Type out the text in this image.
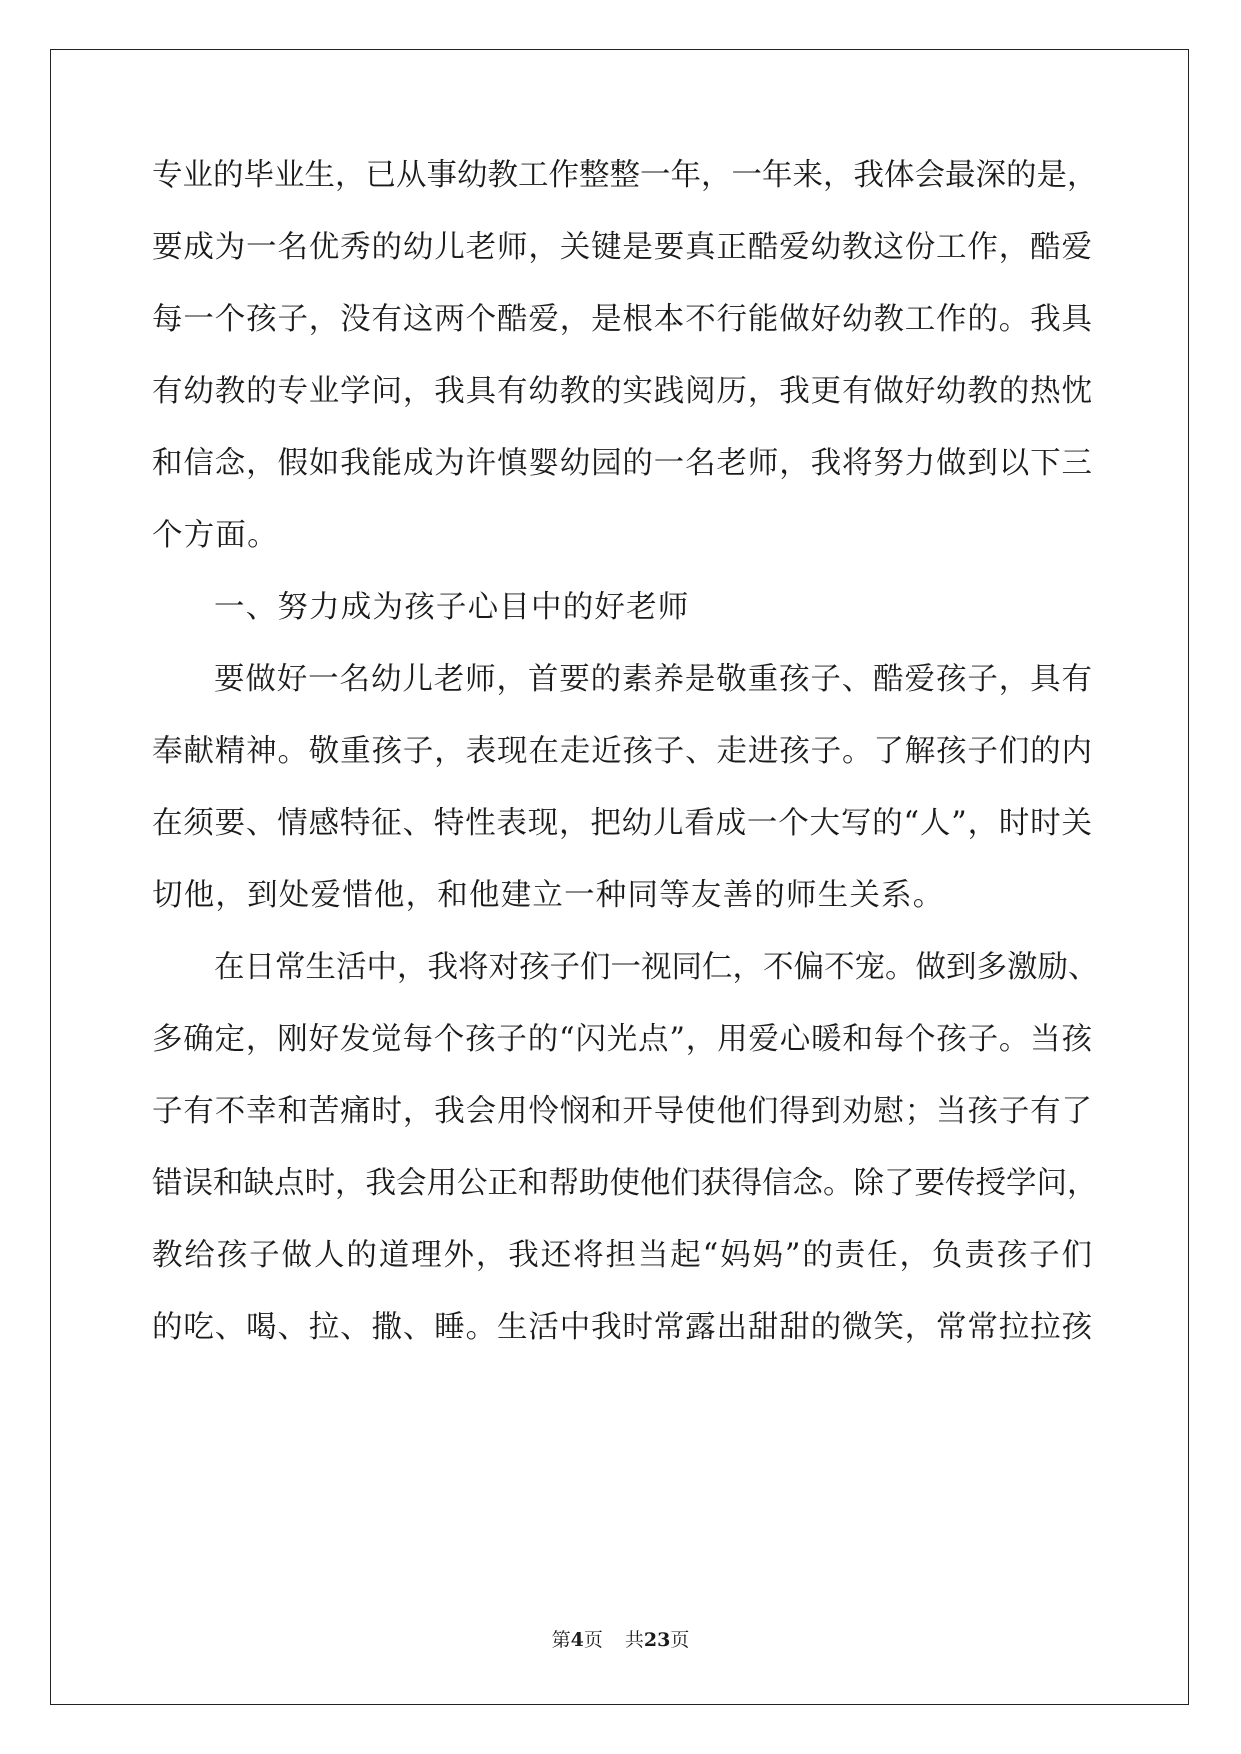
专业的毕业生，已从事幼教工作整整一年，一年来，我体会最深的是，
要成为一名优秀的幼儿老师，关键是要真正酷爱幼教这份工作，酷爱
每一个孩子，没有这两个酷爱，是根本不行能做好幼教工作的。我具
有幼教的专业学问，我具有幼教的实践阅历，我更有做好幼教的热忱
和信念，假如我能成为许慎婴幼园的一名老师，我将努力做到以下三
个方面。
一、努力成为孩子心目中的好老师
要做好一名幼儿老师，首要的素养是敬重孩子、酷爱孩子，具有
奉献精神。敬重孩子，表现在走近孩子、走进孩子。了解孩子们的内
在须要、情感特征、特性表现，把幼儿看成一个大写的“人”，时时关
切他，到处爱惜他，和他建立一种同等友善的师生关系。
在日常生活中，我将对孩子们一视同仁，不偏不宠。做到多激励、
多确定，刚好发觉每个孩子的“闪光点”，用爱心暖和每个孩子。当孩
子有不幸和苦痛时，我会用怜悯和开导使他们得到劝慰；当孩子有了
错误和缺点时，我会用公正和帮助使他们获得信念。除了要传授学问，
教给孩子做人的道理外，我还将担当起“妈妈”的责任，负责孩子们
的吃、喝、拉、撒、睡。生活中我时常露出甜甜的微笑，常常拉拉孩
第4页 共23页
